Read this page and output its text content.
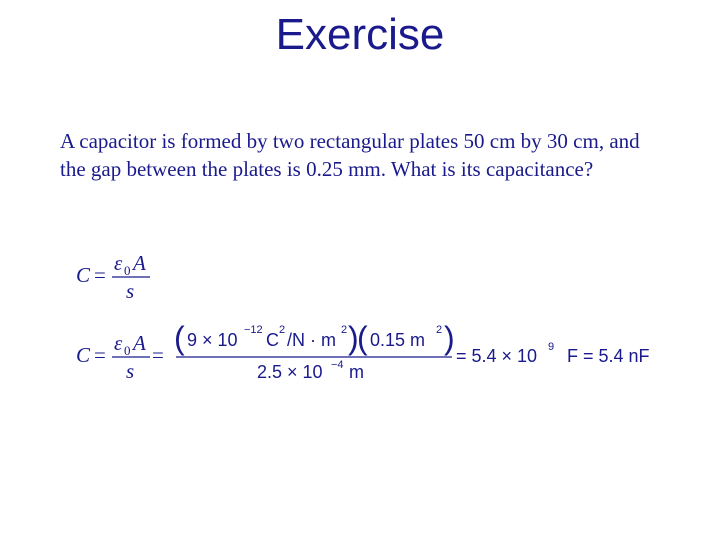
Exercise
A capacitor is formed by two rectangular plates 50 cm by 30 cm, and the gap between the plates is 0.25 mm. What is its capacitance?
C = ε 0 A
s
C = ε 0 A
s
= ( 9 × 10 −12 C 2 /N · m 2 )
( 0.15 m 2 )
2.5 × 10 −4 m
= 5.4 × 10 9 F = 5.4 nF
